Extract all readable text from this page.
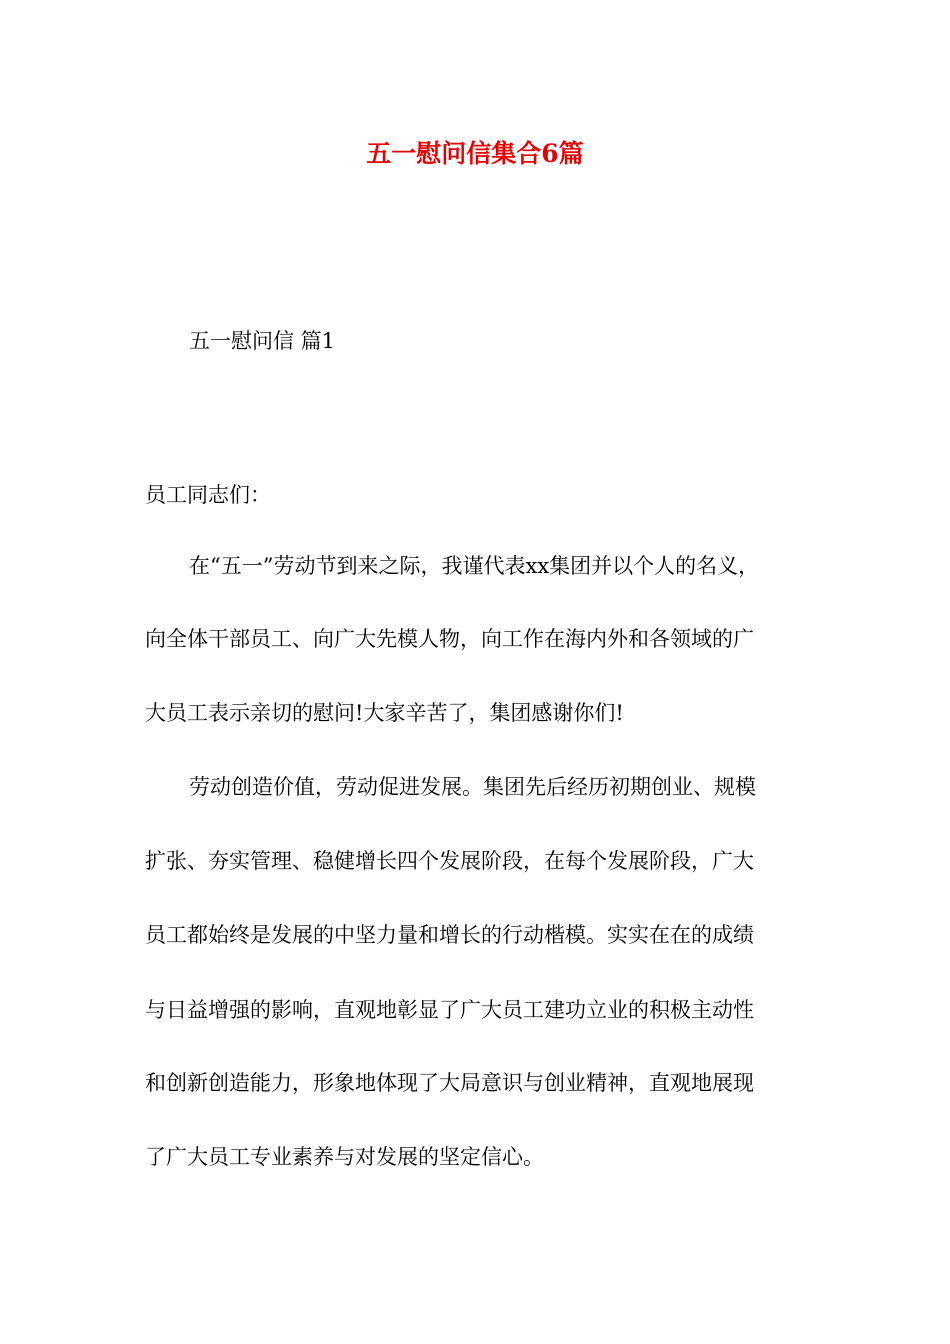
五一慰问信集合6篇
五一慰问信 篇1
员工同志们：
在“五一”劳动节到来之际，我谨代表xx集团并以个人的名义，
向全体干部员工、向广大先模人物，向工作在海内外和各领域的广
大员工表示亲切的慰问!大家辛苦了，集团感谢你们!
劳动创造价值，劳动促进发展。集团先后经历初期创业、规模
扩张、夯实管理、稳健增长四个发展阶段，在每个发展阶段，广大
员工都始终是发展的中坚力量和增长的行动楷模。实实在在的成绩
与日益增强的影响，直观地彰显了广大员工建功立业的积极主动性
和创新创造能力，形象地体现了大局意识与创业精神，直观地展现
了广大员工专业素养与对发展的坚定信心。
